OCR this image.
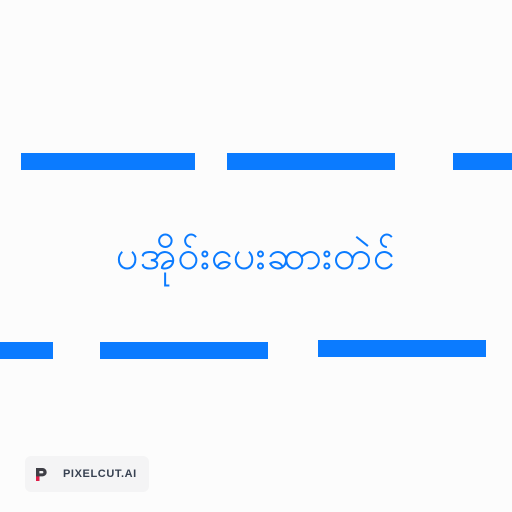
ပအိုဝ်းပေးဆားတဲင်
PIXELCUT.AI
